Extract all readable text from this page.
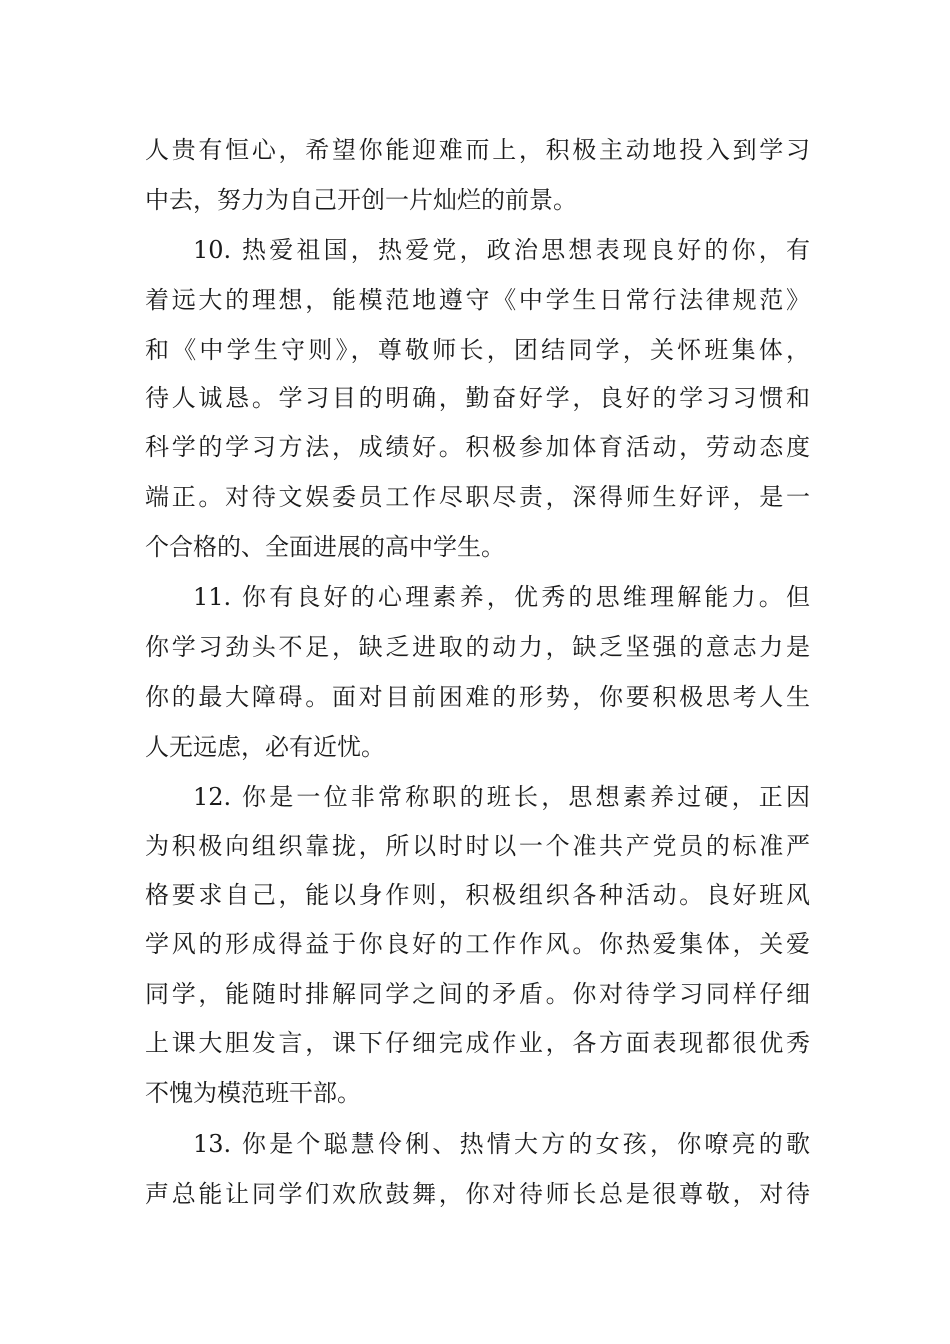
人贵有恒心，希望你能迎难而上，积极主动地投入到学习
中去，努力为自己开创一片灿烂的前景。
10. 热爱祖国，热爱党，政治思想表现良好的你，有
着远大的理想，能模范地遵守《中学生日常行法律规范》
和《中学生守则》，尊敬师长，团结同学，关怀班集体，
待人诚恳。学习目的明确，勤奋好学，良好的学习习惯和
科学的学习方法，成绩好。积极参加体育活动，劳动态度
端正。对待文娱委员工作尽职尽责，深得师生好评，是一
个合格的、全面进展的高中学生。
11. 你有良好的心理素养，优秀的思维理解能力。但
你学习劲头不足，缺乏进取的动力，缺乏坚强的意志力是
你的最大障碍。面对目前困难的形势，你要积极思考人生
人无远虑，必有近忧。
12. 你是一位非常称职的班长，思想素养过硬，正因
为积极向组织靠拢，所以时时以一个准共产党员的标准严
格要求自己，能以身作则，积极组织各种活动。良好班风
学风的形成得益于你良好的工作作风。你热爱集体，关爱
同学，能随时排解同学之间的矛盾。你对待学习同样仔细
上课大胆发言，课下仔细完成作业，各方面表现都很优秀
不愧为模范班干部。
13. 你是个聪慧伶俐、热情大方的女孩，你嘹亮的歌
声总能让同学们欢欣鼓舞，你对待师长总是很尊敬，对待
